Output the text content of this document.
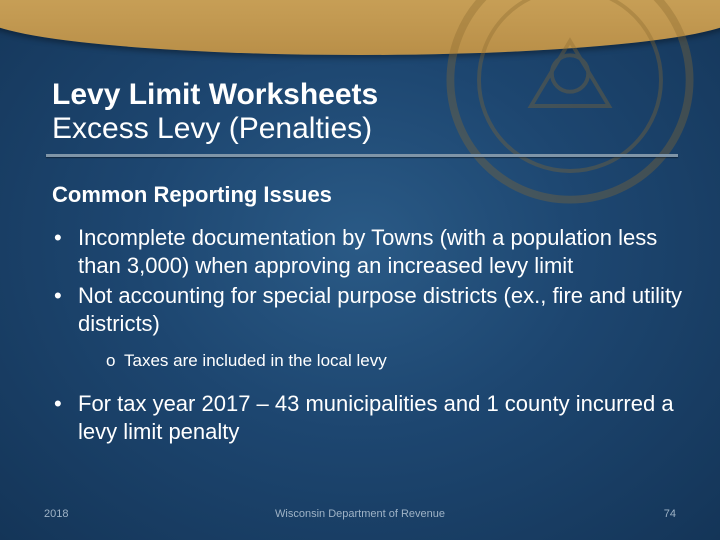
Levy Limit Worksheets

Excess Levy (Penalties)

Common Reporting Issues

• Incomplete documentation by Towns (with a population less than 3,000) when approving an increased levy limit
• Not accounting for special purpose districts (ex., fire and utility districts)
o Taxes are included in the local levy
• For tax year 2017 – 43 municipalities and 1 county incurred a levy limit penalty
2018	Wisconsin Department of Revenue	74
